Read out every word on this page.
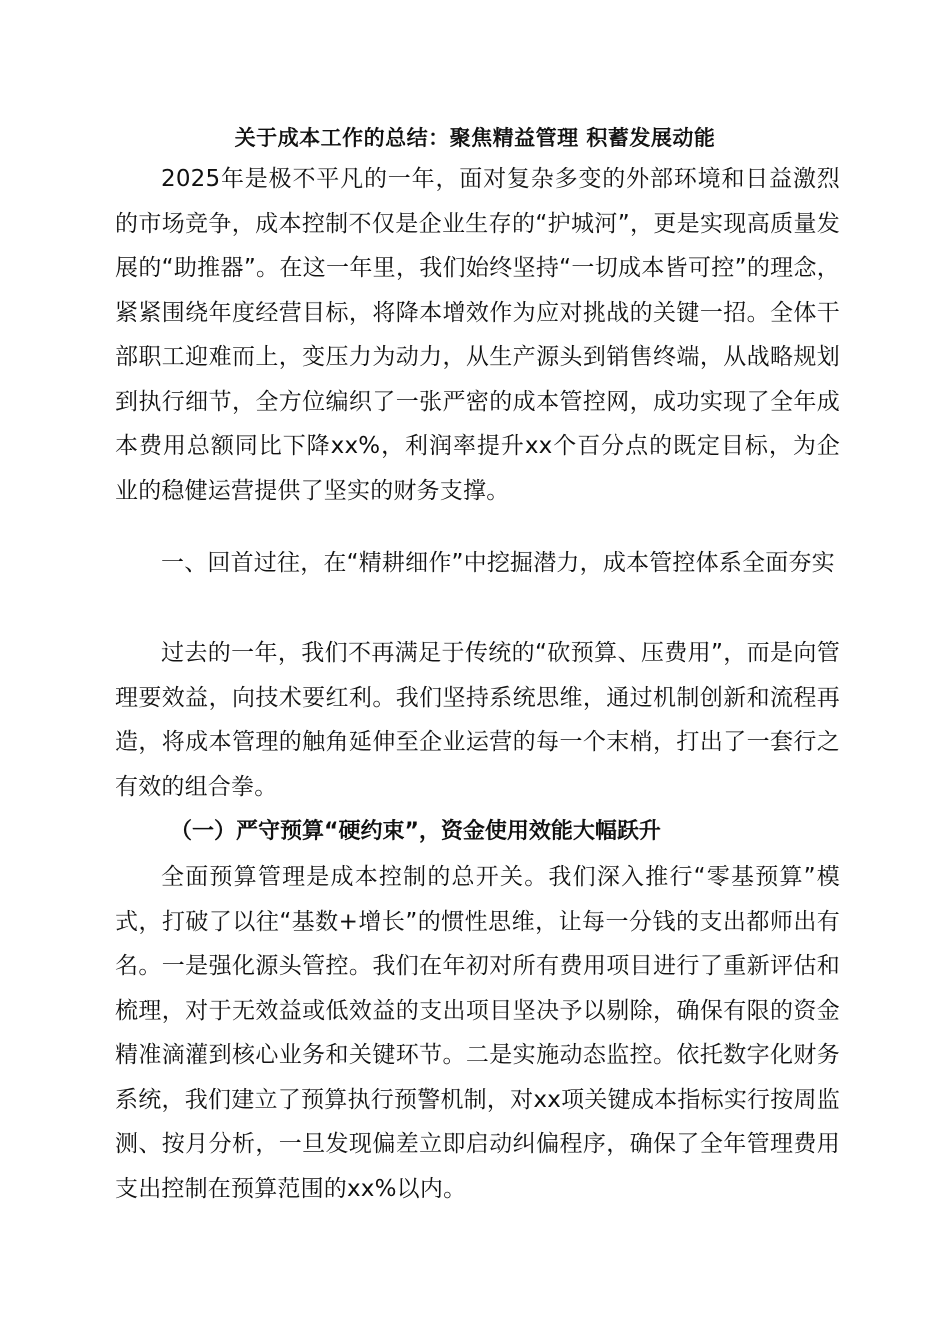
关于成本工作的总结：聚焦精益管理 积蓄发展动能

2025年是极不平凡的一年，面对复杂多变的外部环境和日益激烈的市场竞争，成本控制不仅是企业生存的“护城河”，更是实现高质量发展的“助推器”。在这一年里，我们始终坚持“一切成本皆可控”的理念，紧紧围绕年度经营目标，将降本增效作为应对挑战的关键一招。全体干部职工迎难而上，变压力为动力，从生产源头到销售终端，从战略规划到执行细节，全方位编织了一张严密的成本管控网，成功实现了全年成本费用总额同比下降xx%，利润率提升xx个百分点的既定目标，为企业的稳健运营提供了坚实的财务支撑。

一、回首过往，在“精耕细作”中挖掘潜力，成本管控体系全面夯实

过去的一年，我们不再满足于传统的“砍预算、压费用”，而是向管理要效益，向技术要红利。我们坚持系统思维，通过机制创新和流程再造，将成本管理的触角延伸至企业运营的每一个末梢，打出了一套行之有效的组合拳。

（一）严守预算“硬约束”，资金使用效能大幅跃升

全面预算管理是成本控制的总开关。我们深入推行“零基预算”模式，打破了以往“基数+增长”的惯性思维，让每一分钱的支出都师出有名。一是强化源头管控。我们在年初对所有费用项目进行了重新评估和梳理，对于无效益或低效益的支出项目坚决予以剔除，确保有限的资金精准滴灌到核心业务和关键环节。二是实施动态监控。依托数字化财务系统，我们建立了预算执行预警机制，对xx项关键成本指标实行按周监测、按月分析，一旦发现偏差立即启动纠偏程序，确保了全年管理费用支出控制在预算范围的xx%以内。
